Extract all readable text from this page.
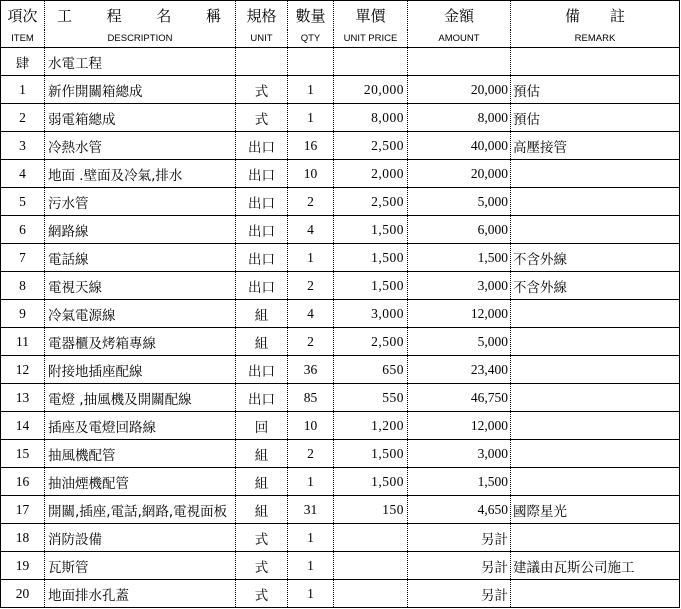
項次	工 程 名 稱	規格	數量	單價	金額	備　　註
ITEM	DESCRIPTION	UNIT	QTY	UNIT PRICE	AMOUNT	REMARK
肆	水電工程					
1	新作開關箱總成	式	1	20,000	20,000	預估
2	弱電箱總成	式	1	8,000	8,000	預估
3	冷熱水管	出口	16	2,500	40,000	高壓接管
4	地面 .壁面及冷氣,排水	出口	10	2,000	20,000	
5	污水管	出口	2	2,500	5,000	
6	網路線	出口	4	1,500	6,000	
7	電話線	出口	1	1,500	1,500	不含外線
8	電視天線	出口	2	1,500	3,000	不含外線
9	冷氣電源線	組	4	3,000	12,000	
11	電器櫃及烤箱專線	組	2	2,500	5,000	
12	附接地插座配線	出口	36	650	23,400	
13	電燈 ,抽風機及開關配線	出口	85	550	46,750	
14	插座及電燈回路線	回	10	1,200	12,000	
15	抽風機配管	組	2	1,500	3,000	
16	抽油煙機配管	組	1	1,500	1,500	
17	開關,插座,電話,網路,電視面板	組	31	150	4,650	國際星光
18	消防設備	式	1		另計	
19	瓦斯管	式	1		另計	建議由瓦斯公司施工
20	地面排水孔蓋	式	1		另計	
